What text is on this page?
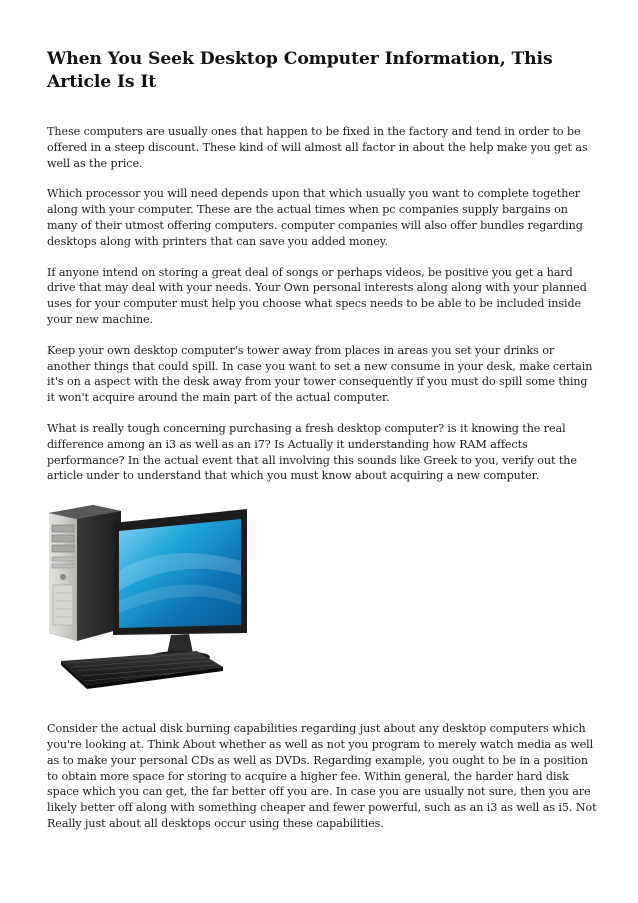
When You Seek Desktop Computer Information, This Article Is It

These computers are usually ones that happen to be fixed in the factory and tend in order to be offered in a steep discount. These kind of will almost all factor in about the help make you get as well as the price.

Which processor you will need depends upon that which usually you want to complete together along with your computer. These are the actual times when pc companies supply bargains on many of their utmost offering computers. computer companies will also offer bundles regarding desktops along with printers that can save you added money.

If anyone intend on storing a great deal of songs or perhaps videos, be positive you get a hard drive that may deal with your needs. Your Own personal interests along along with your planned uses for your computer must help you choose what specs needs to be able to be included inside your new machine.

Keep your own desktop computer's tower away from places in areas you set your drinks or another things that could spill. In case you want to set a new consume in your desk, make certain it's on a aspect with the desk away from your tower consequently if you must do spill some thing it won't acquire around the main part of the actual computer.

What is really tough concerning purchasing a fresh desktop computer? is it knowing the real difference among an i3 as well as an i7? Is Actually it understanding how RAM affects performance? In the actual event that all involving this sounds like Greek to you, verify out the article under to understand that which you must know about acquiring a new computer.

Consider the actual disk burning capabilities regarding just about any desktop computers which you're looking at. Think About whether as well as not you program to merely watch media as well as to make your personal CDs as well as DVDs. Regarding example, you ought to be in a position to obtain more space for storing to acquire a higher fee. Within general, the harder hard disk space which you can get, the far better off you are. In case you are usually not sure, then you are likely better off along with something cheaper and fewer powerful, such as an i3 as well as i5. Not Really just about all desktops occur using these capabilities.
